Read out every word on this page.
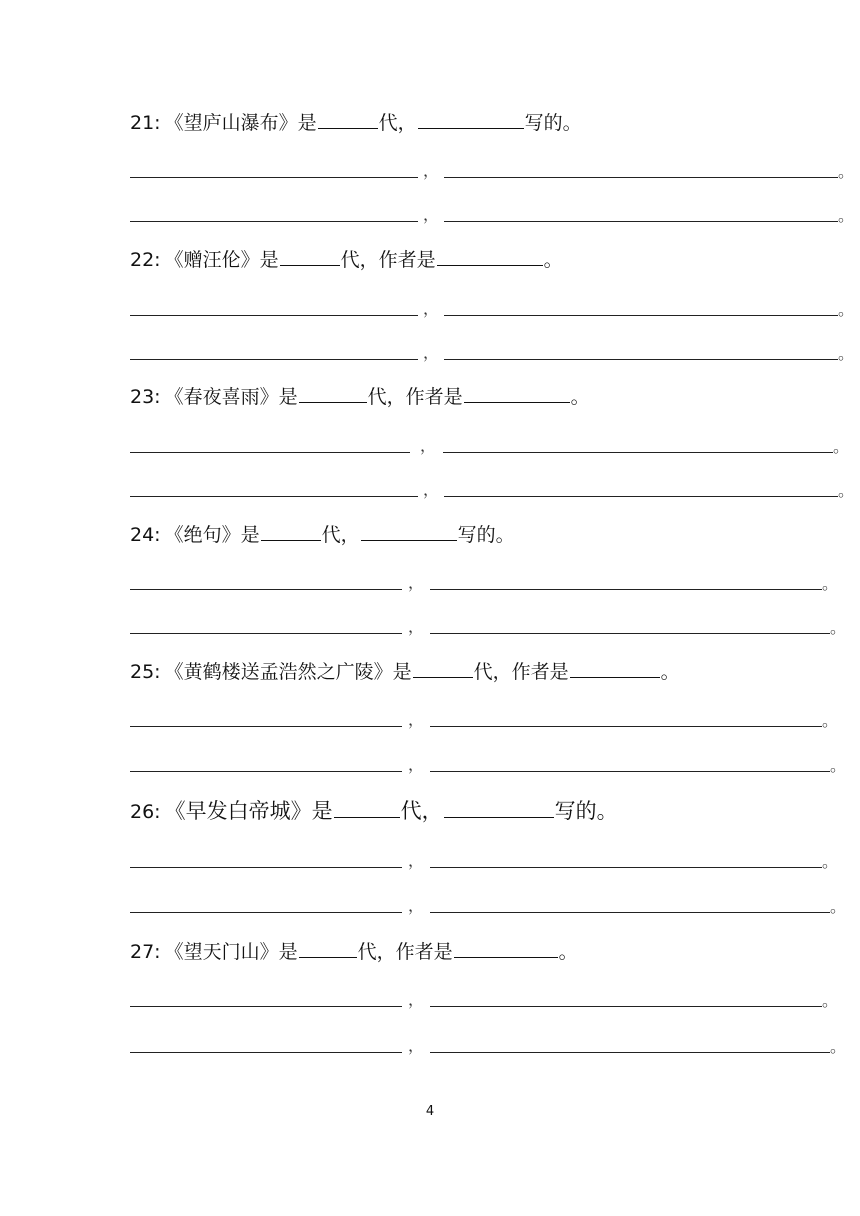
21: 《望庐山瀑布》是	代，	写的。
，	。
，	。
22: 《赠汪伦》是	代，作者是	。
，	。
，	。
23: 《春夜喜雨》是	代，作者是	。
，	。
，	。
24: 《绝句》是	代，	写的。
，	。
，	。
25: 《黄鹤楼送孟浩然之广陵》是	代，作者是	。
，	。
，	。
26: 《早发白帝城》是	代，	写的。
，	。
，	。
27: 《望天门山》是	代，作者是	。
，	。
，	。
4
